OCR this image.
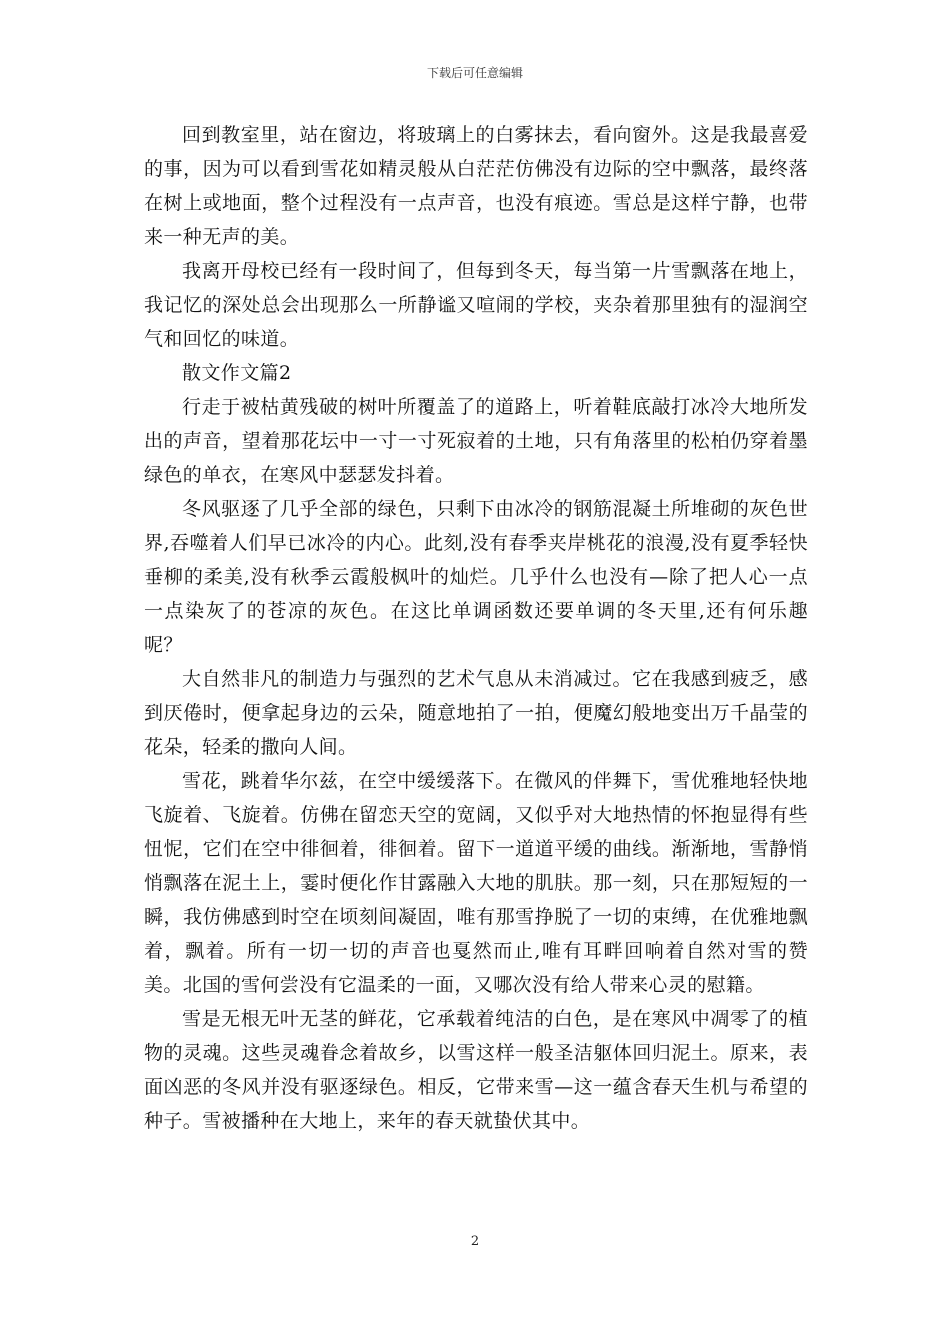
下载后可任意编辑

回到教室里，站在窗边，将玻璃上的白雾抹去，看向窗外。这是我最喜爱的事，因为可以看到雪花如精灵般从白茫茫仿佛没有边际的空中飘落，最终落在树上或地面，整个过程没有一点声音，也没有痕迹。雪总是这样宁静，也带来一种无声的美。

我离开母校已经有一段时间了，但每到冬天，每当第一片雪飘落在地上，我记忆的深处总会出现那么一所静谧又喧闹的学校，夹杂着那里独有的湿润空气和回忆的味道。

散文作文篇2

行走于被枯黄残破的树叶所覆盖了的道路上，听着鞋底敲打冰冷大地所发出的声音，望着那花坛中一寸一寸死寂着的土地，只有角落里的松柏仍穿着墨绿色的单衣，在寒风中瑟瑟发抖着。

冬风驱逐了几乎全部的绿色，只剩下由冰冷的钢筋混凝土所堆砌的灰色世界,吞噬着人们早已冰冷的内心。此刻,没有春季夹岸桃花的浪漫,没有夏季轻快垂柳的柔美,没有秋季云霞般枫叶的灿烂。几乎什么也没有—除了把人心一点一点染灰了的苍凉的灰色。在这比单调函数还要单调的冬天里,还有何乐趣呢？

大自然非凡的制造力与强烈的艺术气息从未消减过。它在我感到疲乏，感到厌倦时，便拿起身边的云朵，随意地拍了一拍，便魔幻般地变出万千晶莹的花朵，轻柔的撒向人间。

雪花，跳着华尔兹，在空中缓缓落下。在微风的伴舞下，雪优雅地轻快地飞旋着、飞旋着。仿佛在留恋天空的宽阔，又似乎对大地热情的怀抱显得有些忸怩，它们在空中徘徊着，徘徊着。留下一道道平缓的曲线。渐渐地，雪静悄悄飘落在泥土上，霎时便化作甘露融入大地的肌肤。那一刻，只在那短短的一瞬，我仿佛感到时空在顷刻间凝固，唯有那雪挣脱了一切的束缚，在优雅地飘着，飘着。所有一切一切的声音也戛然而止,唯有耳畔回响着自然对雪的赞美。北国的雪何尝没有它温柔的一面，又哪次没有给人带来心灵的慰籍。

雪是无根无叶无茎的鲜花，它承载着纯洁的白色，是在寒风中凋零了的植物的灵魂。这些灵魂眷念着故乡，以雪这样一般圣洁躯体回归泥土。原来，表面凶恶的冬风并没有驱逐绿色。相反，它带来雪—这一蕴含春天生机与希望的种子。雪被播种在大地上，来年的春天就蛰伏其中。

2
